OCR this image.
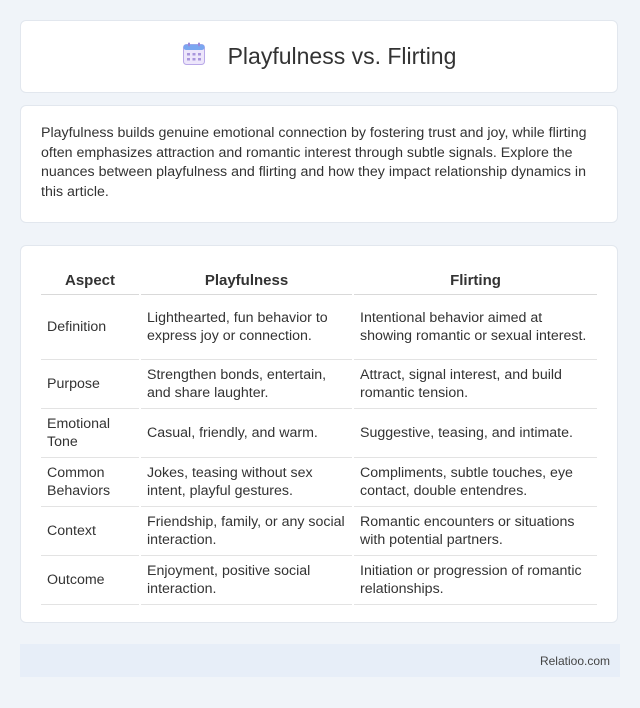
Playfulness vs. Flirting

Playfulness builds genuine emotional connection by fostering trust and joy, while flirting often emphasizes attraction and romantic interest through subtle signals. Explore the nuances between playfulness and flirting and how they impact relationship dynamics in this article.

Aspect	Playfulness	Flirting
Definition	Lighthearted, fun behavior to express joy or connection.	Intentional behavior aimed at showing romantic or sexual interest.
Purpose	Strengthen bonds, entertain, and share laughter.	Attract, signal interest, and build romantic tension.
Emotional Tone	Casual, friendly, and warm.	Suggestive, teasing, and intimate.
Common Behaviors	Jokes, teasing without sex intent, playful gestures.	Compliments, subtle touches, eye contact, double entendres.
Context	Friendship, family, or any social interaction.	Romantic encounters or situations with potential partners.
Outcome	Enjoyment, positive social interaction.	Initiation or progression of romantic relationships.
Relatioo.com
